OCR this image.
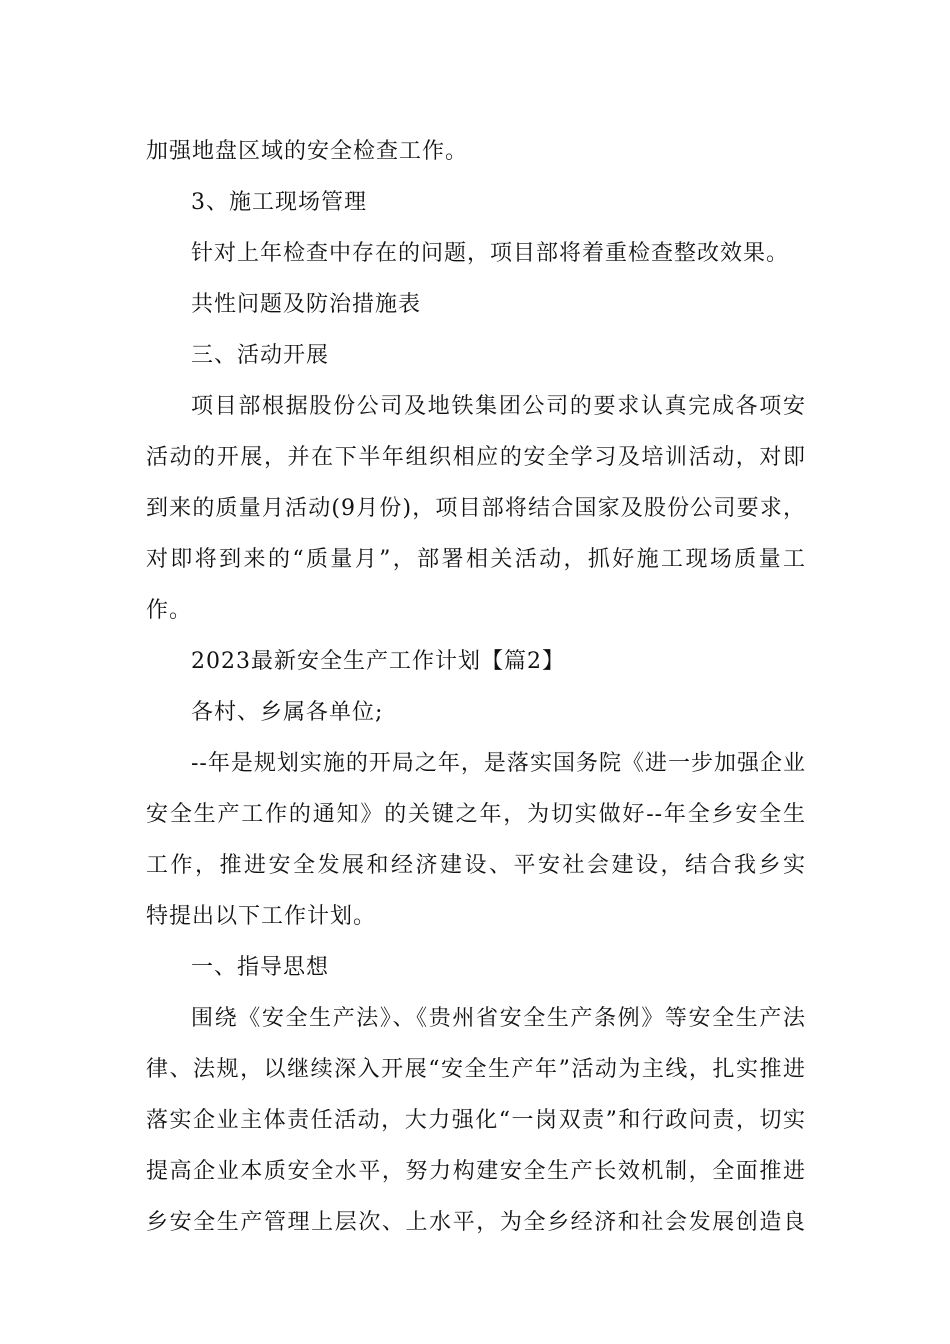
加强地盘区域的安全检查工作。
3、施工现场管理
针对上年检查中存在的问题，项目部将着重检查整改效果。
共性问题及防治措施表
三、活动开展
项目部根据股份公司及地铁集团公司的要求认真完成各项安
活动的开展，并在下半年组织相应的安全学习及培训活动，对即
到来的质量月活动(9月份)，项目部将结合国家及股份公司要求，
对即将到来的“质量月”，部署相关活动，抓好施工现场质量工
作。
2023最新安全生产工作计划【篇2】
各村、乡属各单位;
--年是规划实施的开局之年，是落实国务院《进一步加强企业
安全生产工作的通知》的关键之年，为切实做好--年全乡安全生
工作，推进安全发展和经济建设、平安社会建设，结合我乡实
特提出以下工作计划。
一、指导思想
围绕《安全生产法》、《贵州省安全生产条例》等安全生产法
律、法规，以继续深入开展“安全生产年”活动为主线，扎实推进
落实企业主体责任活动，大力强化“一岗双责”和行政问责，切实
提高企业本质安全水平，努力构建安全生产长效机制，全面推进
乡安全生产管理上层次、上水平，为全乡经济和社会发展创造良
